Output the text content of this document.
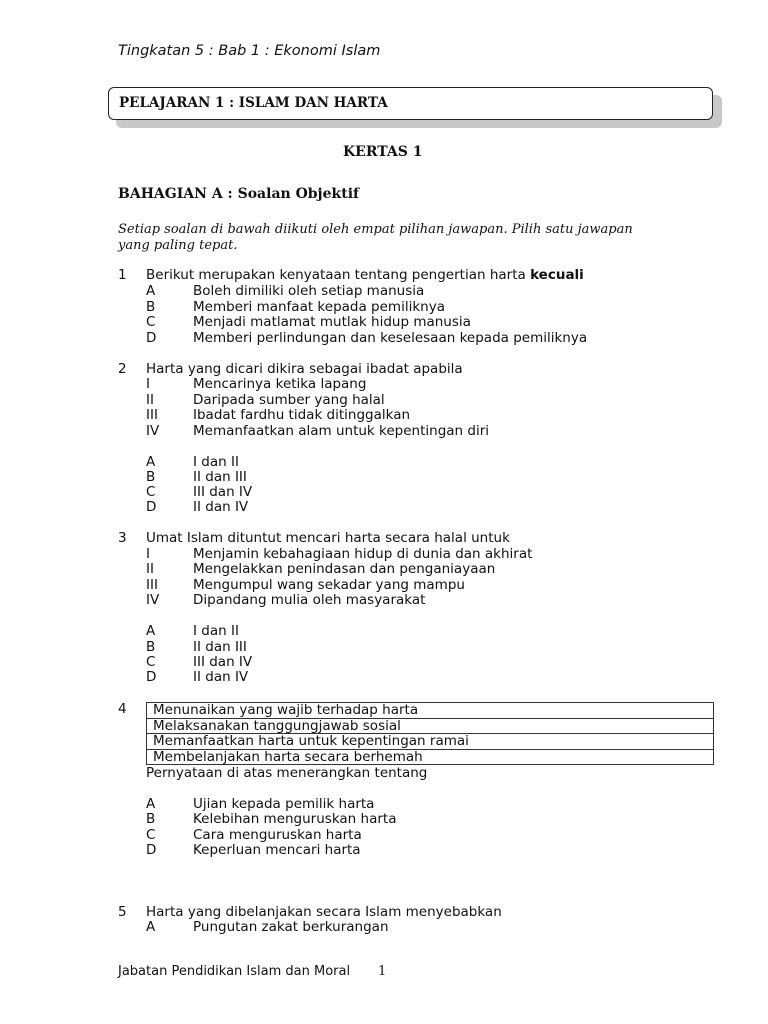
Tingkatan 5 : Bab 1 : Ekonomi Islam
PELAJARAN 1 : ISLAM DAN HARTA
KERTAS 1
BAHAGIAN A : Soalan Objektif
Setiap soalan di bawah diikuti oleh empat pilihan jawapan. Pilih satu jawapan yang paling tepat.
1 Berikut merupakan kenyataan tentang pengertian harta kecuali
A	Boleh dimiliki oleh setiap manusia
B	Memberi manfaat kepada pemiliknya
C	Menjadi matlamat mutlak hidup manusia
D	Memberi perlindungan dan keselesaan kepada pemiliknya
2 Harta yang dicari dikira sebagai ibadat apabila
I	Mencarinya ketika lapang
II	Daripada sumber yang halal
III	Ibadat fardhu tidak ditinggalkan
IV	Memanfaatkan alam untuk kepentingan diri
A	I dan II
B	II dan III
C	III dan IV
D	II dan IV
3 Umat Islam dituntut mencari harta secara halal untuk
I	Menjamin kebahagiaan hidup di dunia dan akhirat
II	Mengelakkan penindasan dan penganiayaan
III	Mengumpul wang sekadar yang mampu
IV	Dipandang mulia oleh masyarakat
A	I dan II
B	II dan III
C	III dan IV
D	II dan IV
4 Menunaikan yang wajib terhadap harta
Melaksanakan tanggungjawab sosial
Memanfaatkan harta untuk kepentingan ramai
Membelanjakan harta secara berhemah
Pernyataan di atas menerangkan tentang
A	Ujian kepada pemilik harta
B	Kelebihan menguruskan harta
C	Cara menguruskan harta
D	Keperluan mencari harta
5 Harta yang dibelanjakan secara Islam menyebabkan
A	Pungutan zakat berkurangan
Jabatan Pendidikan Islam dan Moral 1
